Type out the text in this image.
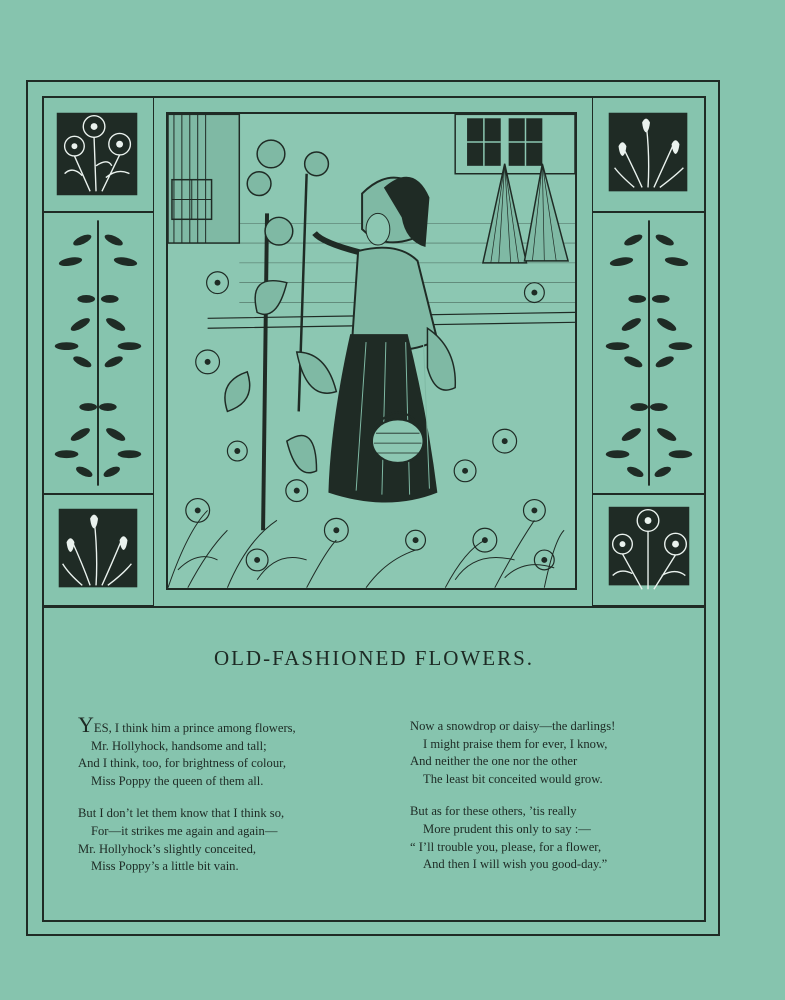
OLD-FASHIONED FLOWERS.
YES, I think him a prince among flowers,
Mr. Hollyhock, handsome and tall;
And I think, too, for brightness of colour,
Miss Poppy the queen of them all.
But I don’t let them know that I think so,
For—it strikes me again and again—
Mr. Hollyhock’s slightly conceited,
Miss Poppy’s a little bit vain.
Now a snowdrop or daisy—the darlings!
I might praise them for ever, I know,
And neither the one nor the other
The least bit conceited would grow.
But as for these others, ’tis really
More prudent this only to say :—
“ I’ll trouble you, please, for a flower,
And then I will wish you good-day.”
